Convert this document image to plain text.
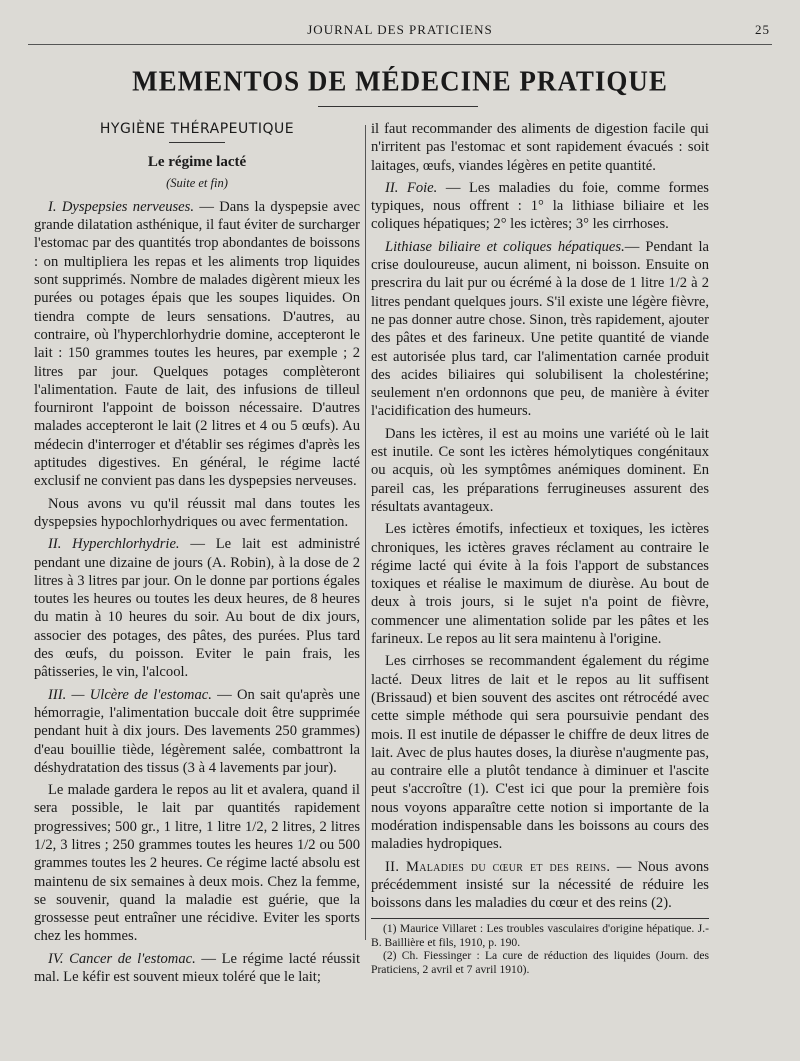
JOURNAL DES PRATICIENS	25
MEMENTOS DE MÉDECINE PRATIQUE
HYGIÈNE THÉRAPEUTIQUE
Le régime lacté
(Suite et fin)

I. Dyspepsies nerveuses. — Dans la dyspepsie avec grande dilatation asthénique, il faut éviter de surcharger l'estomac par des quantités trop abondantes de boissons : on multipliera les repas et les aliments trop liquides sont supprimés. Nombre de malades digèrent mieux les purées ou potages épais que les soupes liquides. On tiendra compte de leurs sensations. D'autres, au contraire, où l'hyperchlorhydrie domine, accepteront le lait : 150 grammes toutes les heures, par exemple ; 2 litres par jour. Quelques potages complèteront l'alimentation. Faute de lait, des infusions de tilleul fourniront l'appoint de boisson nécessaire. D'autres malades accepteront le lait (2 litres et 4 ou 5 œufs). Au médecin d'interroger et d'établir ses régimes d'après les aptitudes digestives. En général, le régime lacté exclusif ne convient pas dans les dyspepsies nerveuses.

Nous avons vu qu'il réussit mal dans toutes les dyspepsies hypochlorhydriques ou avec fermentation.

II. Hyperchlorhydrie. — Le lait est administré pendant une dizaine de jours (A. Robin), à la dose de 2 litres à 3 litres par jour. On le donne par portions égales toutes les heures ou toutes les deux heures, de 8 heures du matin à 10 heures du soir. Au bout de dix jours, associer des potages, des pâtes, des purées. Plus tard des œufs, du poisson. Eviter le pain frais, les pâtisseries, le vin, l'alcool.

III. — Ulcère de l'estomac. — On sait qu'après une hémorragie, l'alimentation buccale doit être supprimée pendant huit à dix jours. Des lavements 250 grammes) d'eau bouillie tiède, légèrement salée, combattront la déshydratation des tissus (3 à 4 lavements par jour).

Le malade gardera le repos au lit et avalera, quand il sera possible, le lait par quantités rapidement progressives; 500 gr., 1 litre, 1 litre 1/2, 2 litres, 2 litres 1/2, 3 litres ; 250 grammes toutes les heures 1/2 ou 500 grammes toutes les 2 heures. Ce régime lacté absolu est maintenu de six semaines à deux mois. Chez la femme, se souvenir, quand la maladie est guérie, que la grossesse peut entraîner une récidive. Eviter les sports chez les hommes.

IV. Cancer de l'estomac. — Le régime lacté réussit mal. Le kéfir est souvent mieux toléré que le lait;

il faut recommander des aliments de digestion facile qui n'irritent pas l'estomac et sont rapidement évacués : soit laitages, œufs, viandes légères en petite quantité.

II. Foie. — Les maladies du foie, comme formes typiques, nous offrent : 1° la lithiase biliaire et les coliques hépatiques; 2° les ictères; 3° les cirrhoses.

Lithiase biliaire et coliques hépatiques.— Pendant la crise douloureuse, aucun aliment, ni boisson. Ensuite on prescrira du lait pur ou écrémé à la dose de 1 litre 1/2 à 2 litres pendant quelques jours. S'il existe une légère fièvre, ne pas donner autre chose. Sinon, très rapidement, ajouter des pâtes et des farineux. Une petite quantité de viande est autorisée plus tard, car l'alimentation carnée produit des acides biliaires qui solubilisent la cholestérine; seulement n'en ordonnons que peu, de manière à éviter l'acidification des humeurs.

Dans les ictères, il est au moins une variété où le lait est inutile. Ce sont les ictères hémolytiques congénitaux ou acquis, où les symptômes anémiques dominent. En pareil cas, les préparations ferrugineuses assurent des résultats avantageux.

Les ictères émotifs, infectieux et toxiques, les ictères chroniques, les ictères graves réclament au contraire le régime lacté qui évite à la fois l'apport de substances toxiques et réalise le maximum de diurèse. Au bout de deux à trois jours, si le sujet n'a point de fièvre, commencer une alimentation solide par les pâtes et les farineux. Le repos au lit sera maintenu à l'origine.

Les cirrhoses se recommandent également du régime lacté. Deux litres de lait et le repos au lit suffisent (Brissaud) et bien souvent des ascites ont rétrocédé avec cette simple méthode qui sera poursuivie pendant des mois. Il est inutile de dépasser le chiffre de deux litres de lait. Avec de plus hautes doses, la diurèse n'augmente pas, au contraire elle a plutôt tendance à diminuer et l'ascite peut s'accroître (1). C'est ici que pour la première fois nous voyons apparaître cette notion si importante de la modération indispensable dans les boissons au cours des maladies hydropiques.

II. Maladies du cœur et des reins. — Nous avons précédemment insisté sur la nécessité de réduire les boissons dans les maladies du cœur et des reins (2).

(1) Maurice Villaret : Les troubles vasculaires d'origine hépatique. J.-B. Baillière et fils, 1910, p. 190.

(2) Ch. Fiessinger : La cure de réduction des liquides (Journ. des Praticiens, 2 avril et 7 avril 1910).
